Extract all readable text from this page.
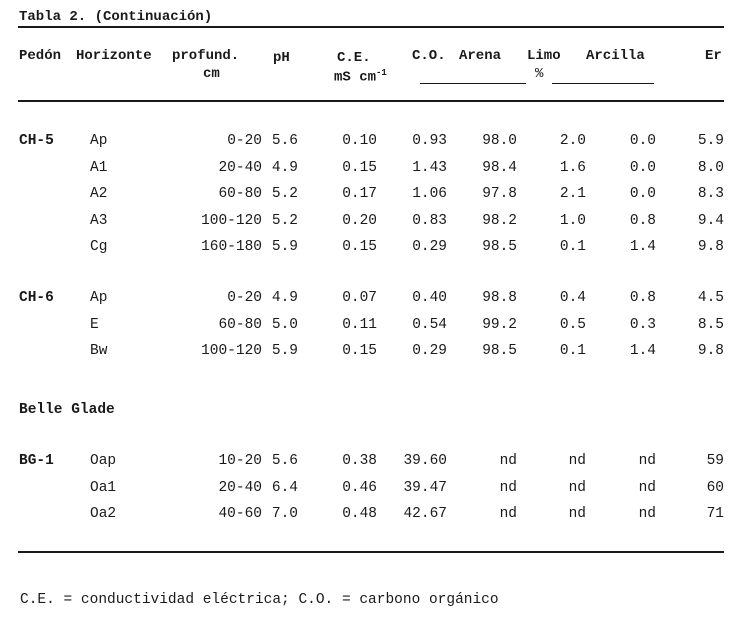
Tabla 2. (Continuación)
Pedón Horizonte profund.
cm
pH	C.E.
mS $cm^{-1}$
C.O. Arena Limo
%
Arcilla	Er
CH-5 Ap	0-20 5.6	0.10 0.93 98.0	2.0	0.0	5.9
A1	20-40 4.9	0.15 1.43 98.4	1.6	0.0	8.0
A2	60-80 5.2	0.17 1.06 97.8	2.1	0.0	8.3
A3	100-120 5.2	0.20 0.83 98.2	1.0	0.8	9.4
Cg	160-180 5.9	0.15 0.29 98.5	0.1	1.4	9.8
CH-6 Ap	0-20 4.9	0.07 0.40 98.8	0.4	0.8	4.5
E	60-80 5.0	0.11 0.54 99.2	0.5	0.3	8.5
Bw	100-120 5.9	0.15 0.29 98.5	0.1	1.4	9.8
BG-1 Oap	10-20 5.6	0.38 39.60	nd	nd	nd	59
Oa1	20-40 6.4	0.46 39.47	nd	nd	nd	60
Oa2	40-60 7.0	0.48 42.67	nd	nd	nd	71
Belle Glade
C.E. = conductividad eléctrica; C.O. = carbono orgánico
